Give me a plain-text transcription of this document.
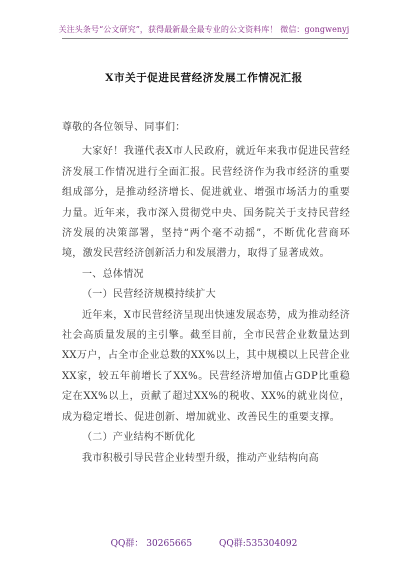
关注头条号“公文研究”，获得最新最全最专业的公文资料库！ 微信：gongwenyj
X市关于促进民营经济发展工作情况汇报

尊敬的各位领导、同事们：

大家好！我谨代表X市人民政府，就近年来我市促进民营经济发展工作情况进行全面汇报。民营经济作为我市经济的重要组成部分，是推动经济增长、促进就业、增强市场活力的重要力量。近年来，我市深入贯彻党中央、国务院关于支持民营经济发展的决策部署，坚持“两个毫不动摇”，不断优化营商环境，激发民营经济创新活力和发展潜力，取得了显著成效。

一、总体情况

（一）民营经济规模持续扩大

近年来，X市民营经济呈现出快速发展态势，成为推动经济社会高质量发展的主引擎。截至目前，全市民营企业数量达到XX万户，占全市企业总数的XX%以上，其中规模以上民营企业XX家，较五年前增长了XX%。民营经济增加值占GDP比重稳定在XX%以上，贡献了超过XX%的税收、XX%的就业岗位，成为稳定增长、促进创新、增加就业、改善民生的重要支撑。

（二）产业结构不断优化

我市积极引导民营企业转型升级，推动产业结构向高

QQ群： 30265665	QQ群:535304092
